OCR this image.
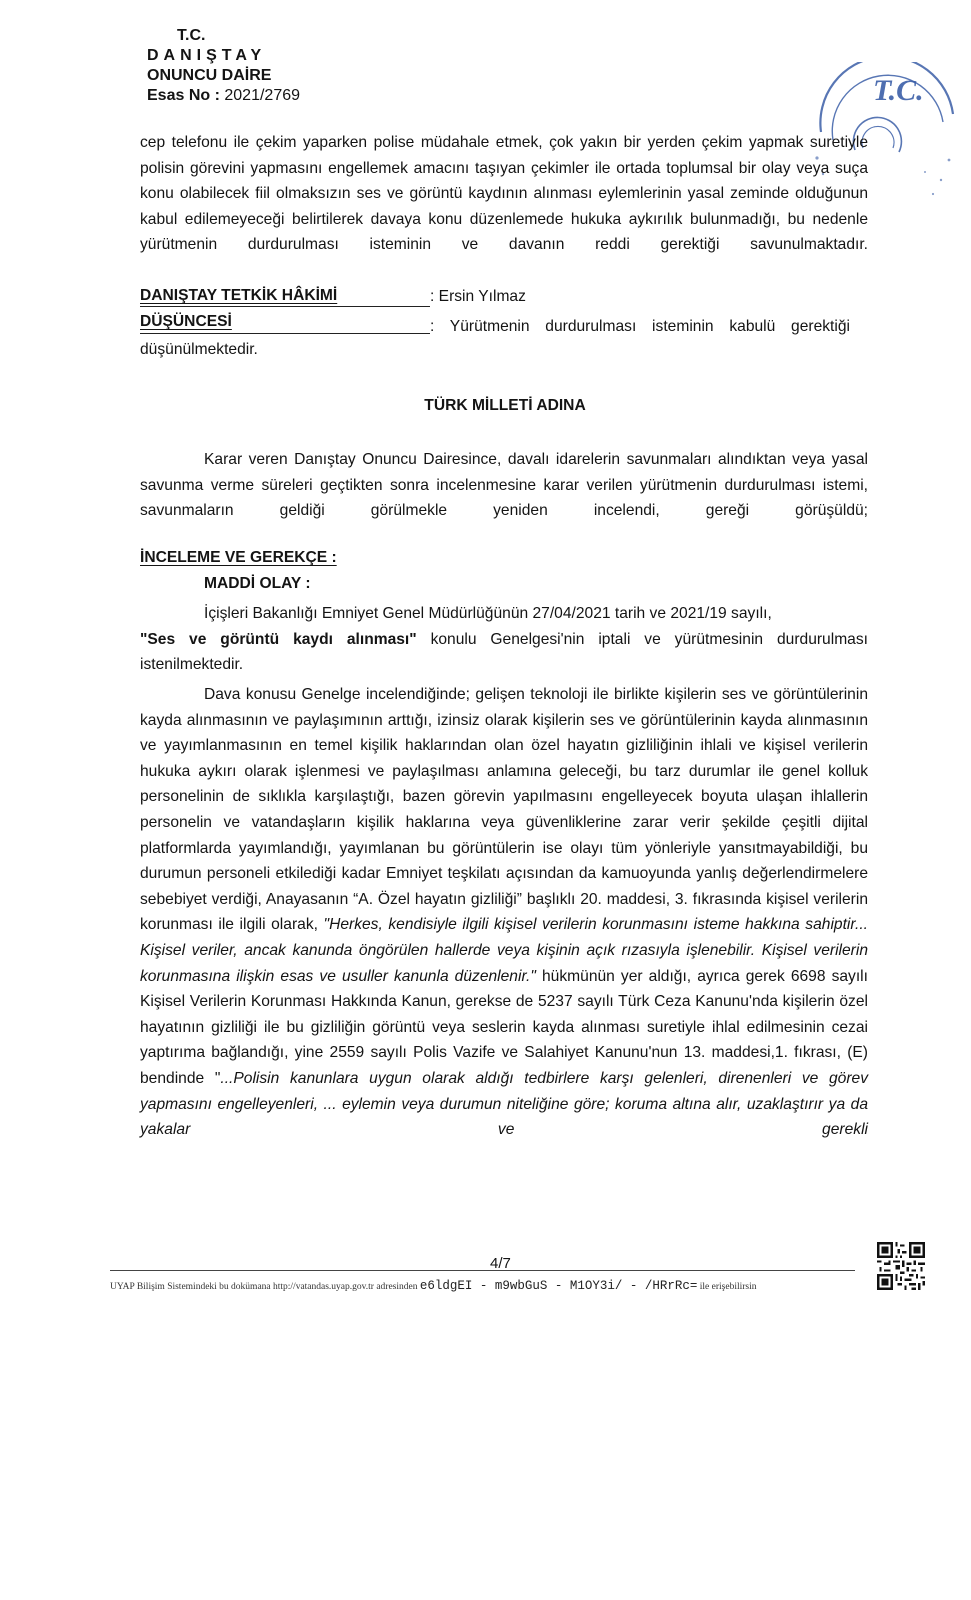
T.C.
DANIŞTAY
ONUNCU DAİRE
Esas No : 2021/2769	T.C.
cep telefonu ile çekim yaparken polise müdahale etmek, çok yakın bir yerden çekim yapmak suretiyle polisin görevini yapmasını engellemek amacını taşıyan çekimler ile ortada toplumsal bir olay veya suça konu olabilecek fiil olmaksızın ses ve görüntü kaydının alınması eylemlerinin yasal zeminde olduğunun kabul edilemeyeceği belirtilerek davaya konu düzenlemede hukuka aykırılık bulunmadığı, bu nedenle yürütmenin durdurulması isteminin ve davanın reddi gerektiği savunulmaktadır.
DANIŞTAY TETKİK HÂKİMİ	: Ersin Yılmaz
DÜŞÜNCESİ	: Yürütmenin durdurulması isteminin kabulü gerektiği
düşünülmektedir.
TÜRK MİLLETİ ADINA
Karar veren Danıştay Onuncu Dairesince, davalı idarelerin savunmaları alındıktan veya yasal savunma verme süreleri geçtikten sonra incelenmesine karar verilen yürütmenin durdurulması istemi, savunmaların geldiği görülmekle yeniden incelendi, gereği görüşüldü;
İNCELEME VE GEREKÇE :
MADDİ OLAY :
İçişleri Bakanlığı Emniyet Genel Müdürlüğünün 27/04/2021 tarih ve 2021/19 sayılı,
"Ses ve görüntü kaydı alınması" konulu Genelgesi'nin iptali ve yürütmesinin durdurulması istenilmektedir.
Dava konusu Genelge incelendiğinde; gelişen teknoloji ile birlikte kişilerin ses ve görüntülerinin kayda alınmasının ve paylaşımının arttığı, izinsiz olarak kişilerin ses ve görüntülerinin kayda alınmasının ve yayımlanmasının en temel kişilik haklarından olan özel hayatın gizliliğinin ihlali ve kişisel verilerin hukuka aykırı olarak işlenmesi ve paylaşılması anlamına geleceği, bu tarz durumlar ile genel kolluk personelinin de sıklıkla karşılaştığı, bazen görevin yapılmasını engelleyecek boyuta ulaşan ihlallerin personelin ve vatandaşların kişilik haklarına veya güvenliklerine zarar verir şekilde çeşitli dijital platformlarda yayımlandığı, yayımlanan bu görüntülerin ise olayı tüm yönleriyle yansıtmayabildiği, bu durumun personeli etkilediği kadar Emniyet teşkilatı açısından da kamuoyunda yanlış değerlendirmelere sebebiyet verdiği, Anayasanın “A. Özel hayatın gizliliği” başlıklı 20. maddesi, 3. fıkrasında kişisel verilerin korunması ile ilgili olarak, "Herkes, kendisiyle ilgili kişisel verilerin korunmasını isteme hakkına sahiptir... Kişisel veriler, ancak kanunda öngörülen hallerde veya kişinin açık rızasıyla işlenebilir. Kişisel verilerin korunmasına ilişkin esas ve usuller kanunla düzenlenir." hükmünün yer aldığı, ayrıca gerek 6698 sayılı Kişisel Verilerin Korunması Hakkında Kanun, gerekse de 5237 sayılı Türk Ceza Kanunu'nda kişilerin özel hayatının gizliliği ile bu gizliliğin görüntü veya seslerin kayda alınması suretiyle ihlal edilmesinin cezai yaptırıma bağlandığı, yine 2559 sayılı Polis Vazife ve Salahiyet Kanunu'nun 13. maddesi,1. fıkrası, (E) bendinde "...Polisin kanunlara uygun olarak aldığı tedbirlere karşı gelenleri, direnenleri ve görev yapmasını engelleyenleri, ... eylemin veya durumun niteliğine göre; koruma altına alır, uzaklaştırır ya da yakalar ve gerekli
4/7
UYAP Bilişim Sistemindeki bu dokümana http://vatandas.uyap.gov.tr adresinden e6ldgEI - m9wbGuS - M1OY3i/ - /HRrRc= ile erişebilirsin
